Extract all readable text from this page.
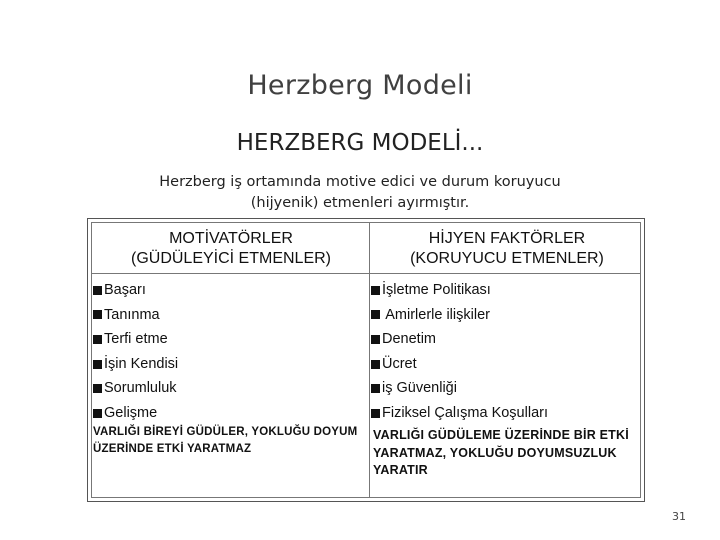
Herzberg Modeli
HERZBERG MODELİ...
Herzberg iş ortamında motive edici ve durum koruyucu (hijyenik) etmenleri ayırmıştır.
MOTİVATÖRLER
(GÜDÜLEYİCİ ETMENLER)
HİJYEN FAKTÖRLER
(KORUYUCU ETMENLER)
Başarı
Tanınma
Terfi etme
İşin Kendisi
Sorumluluk
Gelişme
İşletme Politikası
Amirlerle ilişkiler
Denetim
Ücret
iş Güvenliği
Fiziksel Çalışma Koşulları
VARLIĞI BİREYİ GÜDÜLER, YOKLUĞU DOYUM ÜZERİNDE ETKİ YARATMAZ
VARLIĞI GÜDÜLEME ÜZERİNDE BİR ETKİ YARATMAZ, YOKLUĞU DOYUMSUZLUK YARATIR
31
